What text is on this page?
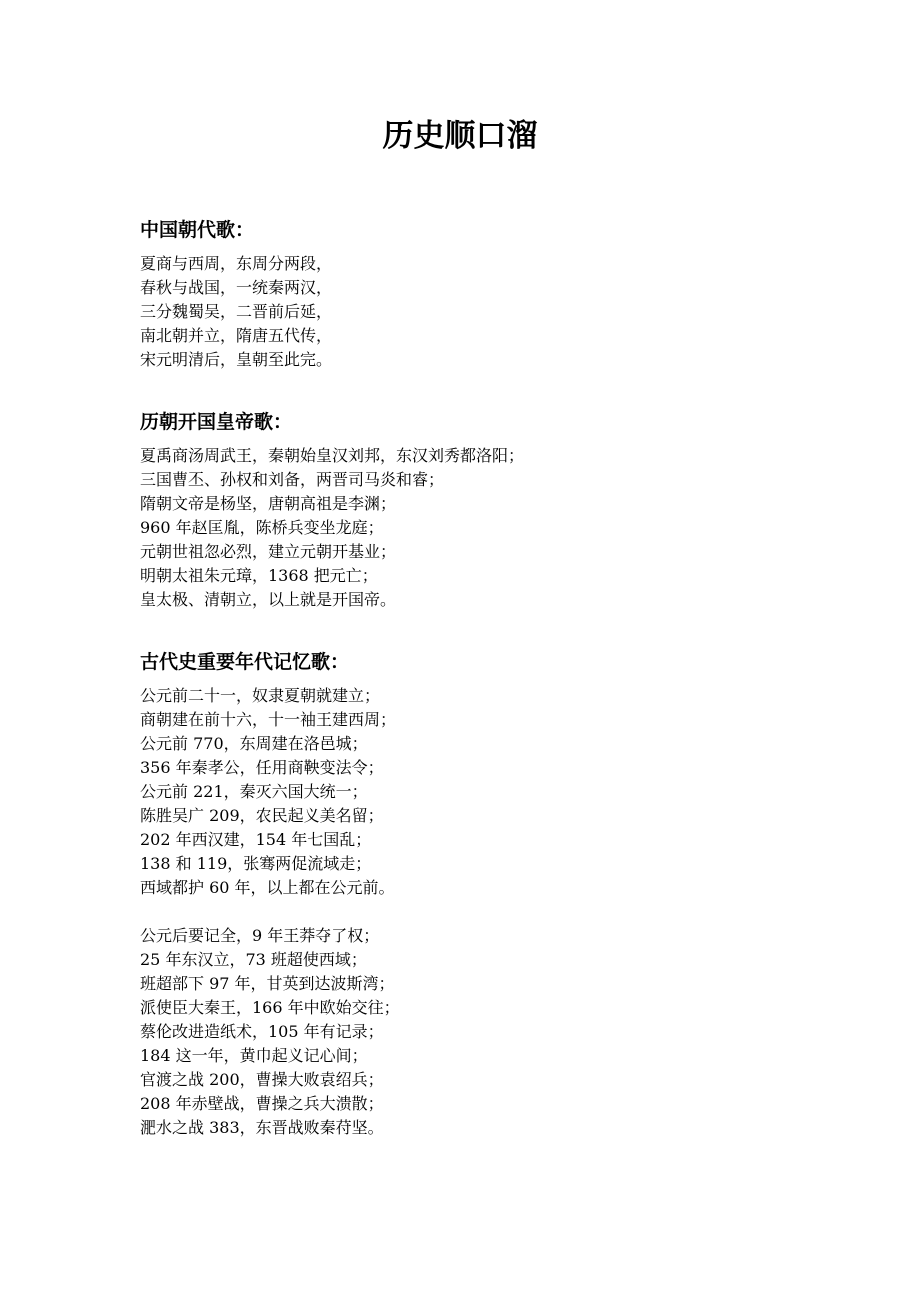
历史顺口溜
中国朝代歌：
夏商与西周，东周分两段，
春秋与战国，一统秦两汉，
三分魏蜀吴，二晋前后延，
南北朝并立，隋唐五代传，
宋元明清后，皇朝至此完。
历朝开国皇帝歌：
夏禹商汤周武王，秦朝始皇汉刘邦，东汉刘秀都洛阳；
三国曹丕、孙权和刘备，两晋司马炎和睿；
隋朝文帝是杨坚，唐朝高祖是李渊；
960 年赵匡胤，陈桥兵变坐龙庭；
元朝世祖忽必烈，建立元朝开基业；
明朝太祖朱元璋，1368 把元亡；
皇太极、清朝立，以上就是开国帝。
古代史重要年代记忆歌：
公元前二十一，奴隶夏朝就建立；
商朝建在前十六，十一袖王建西周；
公元前 770，东周建在洛邑城；
356 年秦孝公，任用商鞅变法令；
公元前 221，秦灭六国大统一；
陈胜吴广 209，农民起义美名留；
202 年西汉建，154 年七国乱；
138 和 119，张骞两促流域走；
西域都护 60 年，以上都在公元前。
公元后要记全，9 年王莽夺了权；
25 年东汉立，73 班超使西域；
班超部下 97 年，甘英到达波斯湾；
派使臣大秦王，166 年中欧始交往；
蔡伦改进造纸术，105 年有记录；
184 这一年，黄巾起义记心间；
官渡之战 200，曹操大败袁绍兵；
208 年赤壁战，曹操之兵大溃散；
淝水之战 383，东晋战败秦苻坚。
